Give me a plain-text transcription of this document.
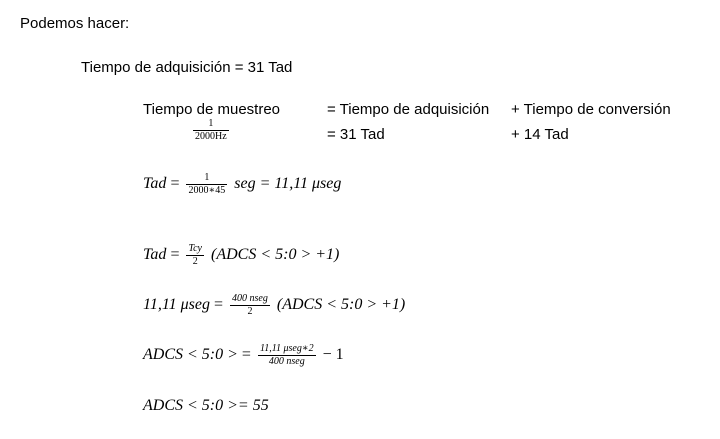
Podemos hacer:
Tiempo de adquisición = 31 Tad
Tiempo de muestreo	= Tiempo de adquisición + Tiempo de conversión
$\frac{1}{2000Hz}$	= 31 Tad	+ 14 Tad
Tad = $\frac{1}{2000∗45}$ seg = 11,11 μseg
Tad = $\frac{\text{Tcy}}{2}$ (ADCS < 5:0 > +1)
11,11 $\mu seg = \frac{\text{400 nseg}}{2}$ (ADCS < 5:0 > +1)
ADCS < 5:0 > = $\frac{\text{11,11 μseg∗2}}{\text{400 nseg}} - 1$
ADCS < 5:0 >= 55
